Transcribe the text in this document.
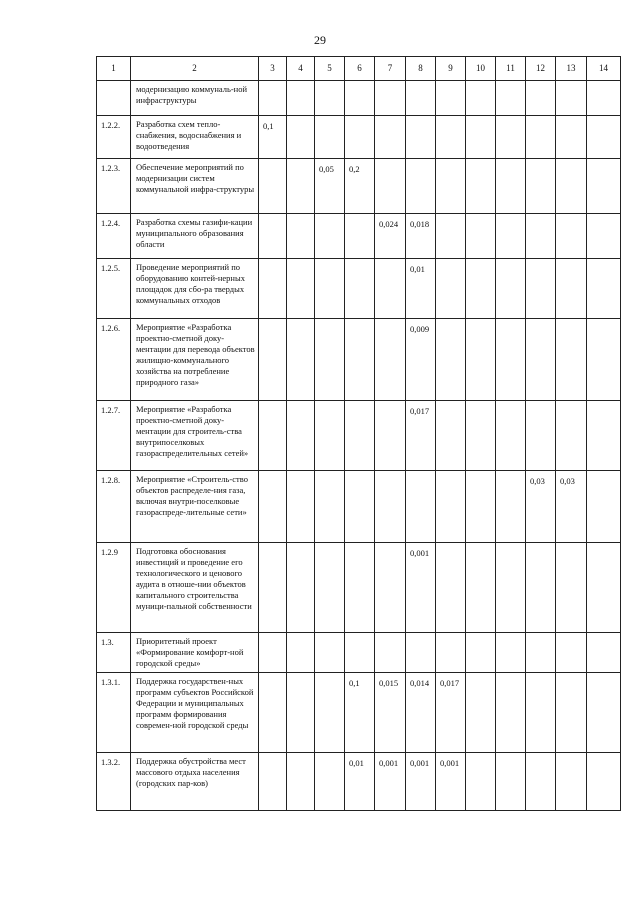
29
1	2	3	4	5	6	7	8	9	10	11	12	13	14
	модернизацию коммуналь-ной инфраструктуры												
1.2.2.	Разработка схем тепло-снабжения, водоснабжения и водоотведения	0,1											
1.2.3.	Обеспечение мероприятий по модернизации систем коммунальной инфра-структуры			0,05	0,2								
1.2.4.	Разработка схемы газифи-кации муниципального образования области					0,024	0,018						
1.2.5.	Проведение мероприятий по оборудованию контей-нерных площадок для сбо-ра твердых коммунальных отходов						0,01						
1.2.6.	Мероприятие «Разработка проектно-сметной доку-ментации для перевода объектов жилищно-коммунального хозяйства на потребление природного газа»						0,009						
1.2.7.	Мероприятие «Разработка проектно-сметной доку-ментации для строитель-ства внутрипоселковых газораспределительных сетей»						0,017						
1.2.8.	Мероприятие «Строитель-ство объектов распределе-ния газа, включая внутри-поселковые газораспреде-лительные сети»										0,03	0,03	
1.2.9	Подготовка обоснования инвестиций и проведение его технологического и ценового аудита в отноше-нии объектов капитального строительства муници-пальной собственности						0,001						
1.3.	Приоритетный проект «Формирование комфорт-ной городской среды»												
1.3.1.	Поддержка государствен-ных программ субъектов Российской Федерации и муниципальных программ формирования современ-ной городской среды				0,1	0,015	0,014	0,017					
1.3.2.	Поддержка обустройства мест массового отдыха населения (городских пар-ков)				0,01	0,001	0,001	0,001					
